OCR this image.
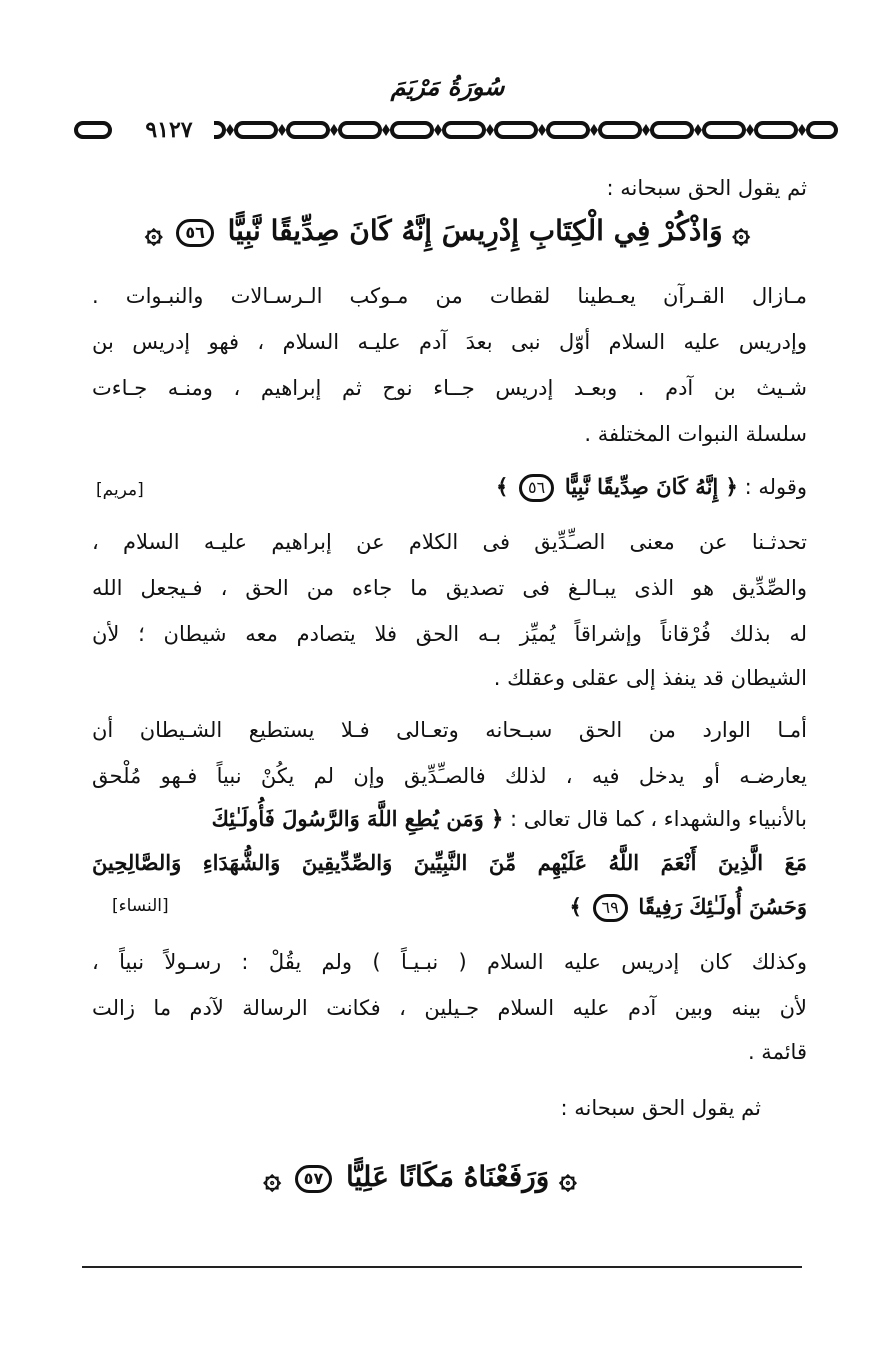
سُورَةُ مَرْيَمَ
٩١٢٧
ثم يقول الحق سبحانه :
۞ وَاذْكُرْ فِي الْكِتَابِ إِدْرِيسَ إِنَّهُ كَانَ صِدِّيقًا نَّبِيًّا ٥٦ ۞
مـازال القـرآن يعـطينا لقطات من مـوكب الـرسـالات والنبـوات .
وإدريس عليه السلام أوّل نبى بعدَ آدم عليـه السلام ، فهو إدريس بن
شـيث بن آدم . وبعـد إدريس جــاء نوح ثم إبراهيم ، ومنـه جـاءت
سلسلة النبوات المختلفة .
وقوله : ﴿ إِنَّهُ كَانَ صِدِّيقًا نَّبِيًّا ٥٦ ﴾
[مريم]
تحدثـنا عن معنى الصـِّدِّيق فى الكلام عن إبراهيم عليـه السلام ،
والصِّدِّيق هو الذى يبـالـغ فى تصديق ما جاءه من الحق ، فـيجعل الله
له بذلك فُرْقاناً وإشراقاً يُميِّز بـه الحق فلا يتصادم معه شيطان ؛ لأن
الشيطان قد ينفذ إلى عقلى وعقلك .
أمـا الوارد من الحق سبـحانه وتعـالى فـلا يستطيع الشـيطان أن
يعارضـه أو يدخل فيه ، لذلك فالصـِّدِّيق وإن لم يكُنْ نبياً فـهو مُلْحق
بالأنبياء والشهداء ، كما قال تعالى : ﴿ وَمَن يُطِعِ اللَّهَ وَالرَّسُولَ فَأُولَـٰئِكَ
مَعَ الَّذِينَ أَنْعَمَ اللَّهُ عَلَيْهِم مِّنَ النَّبِيِّينَ وَالصِّدِّيقِينَ وَالشُّهَدَاءِ وَالصَّالِحِينَ
وَحَسُنَ أُولَـٰئِكَ رَفِيقًا ٦٩ ﴾
[النساء]
وكذلك كان إدريس عليه السلام ( نبـيـاً ) ولم يقُلْ : رسـولاً نبياً ،
لأن بينه وبين آدم عليه السلام جـيلين ، فكانت الرسالة لآدم ما زالت
قائمة .
ثم يقول الحق سبحانه :
۞ وَرَفَعْنَاهُ مَكَانًا عَلِيًّا ٥٧ ۞
